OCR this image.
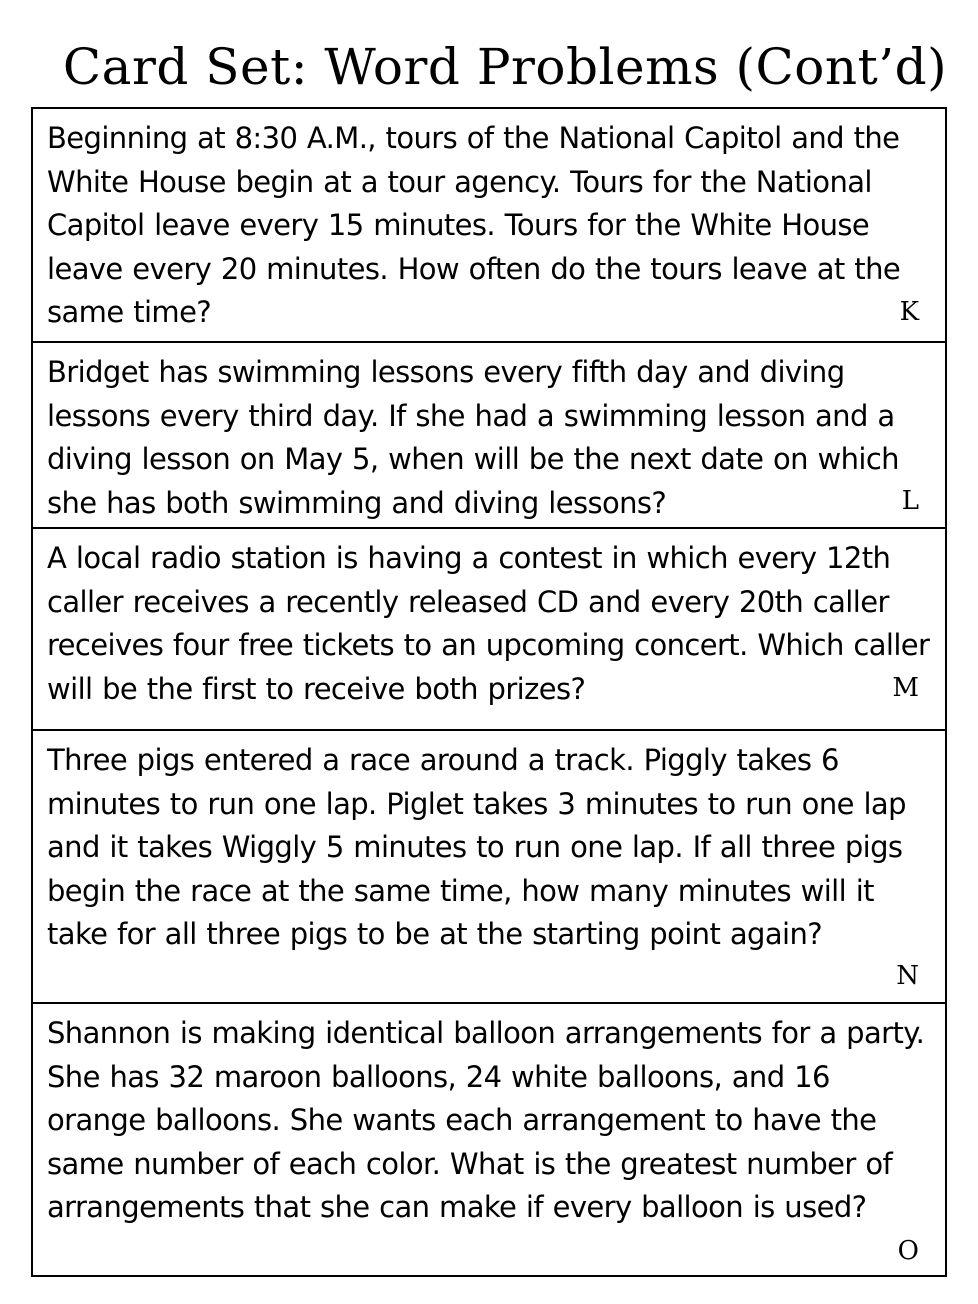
Card Set: Word Problems (Cont’d)

Beginning at 8:30 A.M., tours of the National Capitol and the White House begin at a tour agency. Tours for the National Capitol leave every 15 minutes. Tours for the White House leave every 20 minutes. How often do the tours leave at the same time?	K

Bridget has swimming lessons every fifth day and diving lessons every third day. If she had a swimming lesson and a diving lesson on May 5, when will be the next date on which she has both swimming and diving lessons?	L

A local radio station is having a contest in which every 12th caller receives a recently released CD and every 20th caller receives four free tickets to an upcoming concert. Which caller will be the first to receive both prizes?	M

Three pigs entered a race around a track. Piggly takes 6 minutes to run one lap. Piglet takes 3 minutes to run one lap and it takes Wiggly 5 minutes to run one lap. If all three pigs begin the race at the same time, how many minutes will it take for all three pigs to be at the starting point again?

N

Shannon is making identical balloon arrangements for a party. She has 32 maroon balloons, 24 white balloons, and 16 orange balloons. She wants each arrangement to have the same number of each color. What is the greatest number of arrangements that she can make if every balloon is used?

O
